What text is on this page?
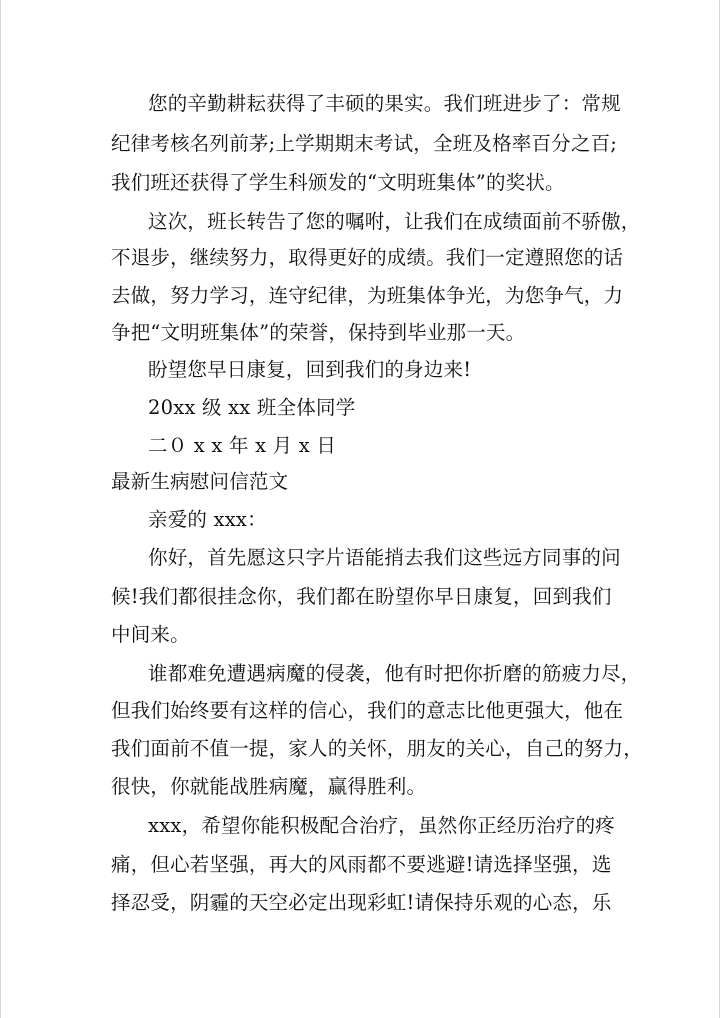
您的辛勤耕耘获得了丰硕的果实。我们班进步了：常规
纪律考核名列前茅;上学期期末考试，全班及格率百分之百;
我们班还获得了学生科颁发的“文明班集体”的奖状。
这次，班长转告了您的嘱咐，让我们在成绩面前不骄傲，
不退步，继续努力，取得更好的成绩。我们一定遵照您的话
去做，努力学习，连守纪律，为班集体争光，为您争气，力
争把“文明班集体”的荣誉，保持到毕业那一天。
盼望您早日康复，回到我们的身边来!
20xx 级 xx 班全体同学
二０ x x 年 x 月 x 日
最新生病慰问信范文
亲爱的 xxx：
你好，首先愿这只字片语能捎去我们这些远方同事的问
候!我们都很挂念你，我们都在盼望你早日康复，回到我们
中间来。
谁都难免遭遇病魔的侵袭，他有时把你折磨的筋疲力尽，
但我们始终要有这样的信心，我们的意志比他更强大，他在
我们面前不值一提，家人的关怀，朋友的关心，自己的努力，
很快，你就能战胜病魔，赢得胜利。
xxx，希望你能积极配合治疗，虽然你正经历治疗的疼
痛，但心若坚强，再大的风雨都不要逃避!请选择坚强，选
择忍受，阴霾的天空必定出现彩虹!请保持乐观的心态，乐
